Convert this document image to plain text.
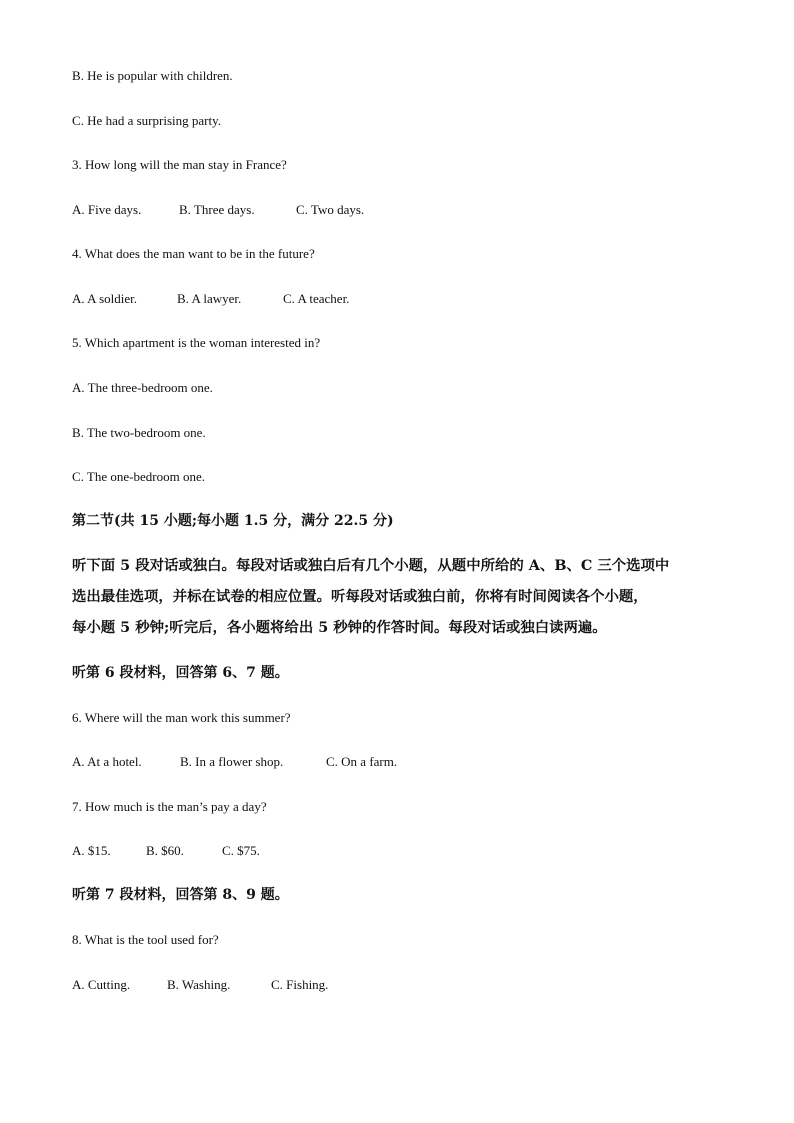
B. He is popular with children.
C. He had a surprising party.
3. How long will the man stay in France?
A. Five days.	B. Three days.	C. Two days.
4. What does the man want to be in the future?
A. A soldier.	B. A lawyer.	C. A teacher.
5. Which apartment is the woman interested in?
A. The three-bedroom one.
B. The two-bedroom one.
C. The one-bedroom one.
第二节(共 15 小题;每小题 1.5 分，满分 22.5 分)
听下面 5 段对话或独白。每段对话或独白后有几个小题，从题中所给的 A、B、C 三个选项中
选出最佳选项，并标在试卷的相应位置。听每段对话或独白前，你将有时间阅读各个小题，
每小题 5 秒钟;听完后，各小题将给出 5 秒钟的作答时间。每段对话或独白读两遍。
听第 6 段材料，回答第 6、7 题。
6. Where will the man work this summer?
A. At a hotel.	B. In a flower shop.	C. On a farm.
7. How much is the man’s pay a day?
A. $15.	B. $60.	C. $75.
听第 7 段材料，回答第 8、9 题。
8. What is the tool used for?
A. Cutting.	B. Washing.	C. Fishing.
